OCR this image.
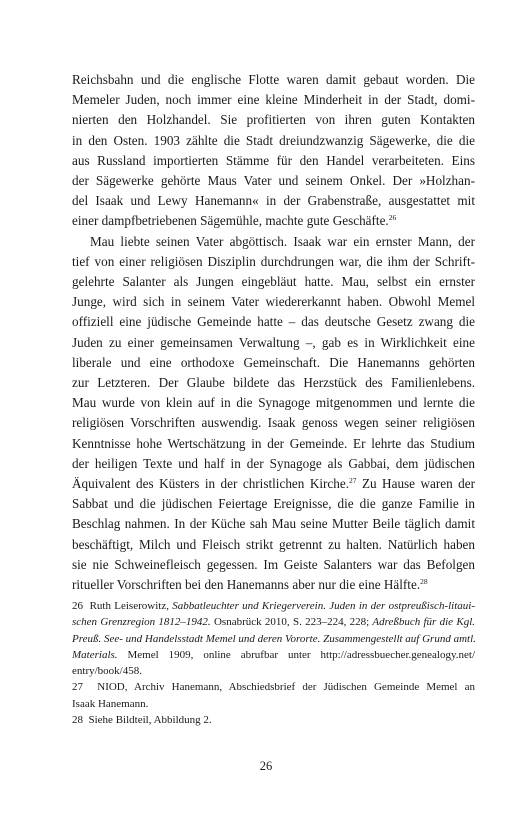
Reichsbahn und die englische Flotte waren damit gebaut worden. Die
Memeler Juden, noch immer eine kleine Minderheit in der Stadt, domi-
nierten den Holzhandel. Sie profitierten von ihren guten Kontakten
in den Osten. 1903 zählte die Stadt dreiundzwanzig Sägewerke, die die
aus Russland importierten Stämme für den Handel verarbeiteten. Eins
der Sägewerke gehörte Maus Vater und seinem Onkel. Der »Holzhan-
del Isaak und Lewy Hanemann« in der Grabenstraße, ausgestattet mit
einer dampfbetriebenen Sägemühle, machte gute Geschäfte.$^{26}$

Mau liebte seinen Vater abgöttisch. Isaak war ein ernster Mann, der
tief von einer religiösen Disziplin durchdrungen war, die ihm der Schrift-
gelehrte Salanter als Jungen eingebläut hatte. Mau, selbst ein ernster
Junge, wird sich in seinem Vater wiedererkannt haben. Obwohl Memel
offiziell eine jüdische Gemeinde hatte – das deutsche Gesetz zwang die
Juden zu einer gemeinsamen Verwaltung –, gab es in Wirklichkeit eine
liberale und eine orthodoxe Gemeinschaft. Die Hanemanns gehörten
zur Letzteren. Der Glaube bildete das Herzstück des Familienlebens.
Mau wurde von klein auf in die Synagoge mitgenommen und lernte die
religiösen Vorschriften auswendig. Isaak genoss wegen seiner religiösen
Kenntnisse hohe Wertschätzung in der Gemeinde. Er lehrte das Studium
der heiligen Texte und half in der Synagoge als Gabbai, dem jüdischen
Äquivalent des Küsters in der christlichen Kirche.$^{27}$ Zu Hause waren der
Sabbat und die jüdischen Feiertage Ereignisse, die die ganze Familie in
Beschlag nahmen. In der Küche sah Mau seine Mutter Beile täglich damit
beschäftigt, Milch und Fleisch strikt getrennt zu halten. Natürlich haben
sie nie Schweinefleisch gegessen. Im Geiste Salanters war das Befolgen
ritueller Vorschriften bei den Hanemanns aber nur die eine Hälfte.$^{28}$

26 Ruth Leiserowitz, Sabbatleuchter und Kriegerverein. Juden in der ostpreußisch-litaui-
schen Grenzregion 1812–1942. Osnabrück 2010, S. 223–224, 228; Adreßbuch für die Kgl.
Preuß. See- und Handelsstadt Memel und deren Vororte. Zusammengestellt auf Grund amtl.
Materials. Memel 1909, online abrufbar unter http://adressbuecher.genealogy.net/
entry/book/458.

27 NIOD, Archiv Hanemann, Abschiedsbrief der Jüdischen Gemeinde Memel an
Isaak Hanemann.

28 Siehe Bildteil, Abbildung 2.

26
